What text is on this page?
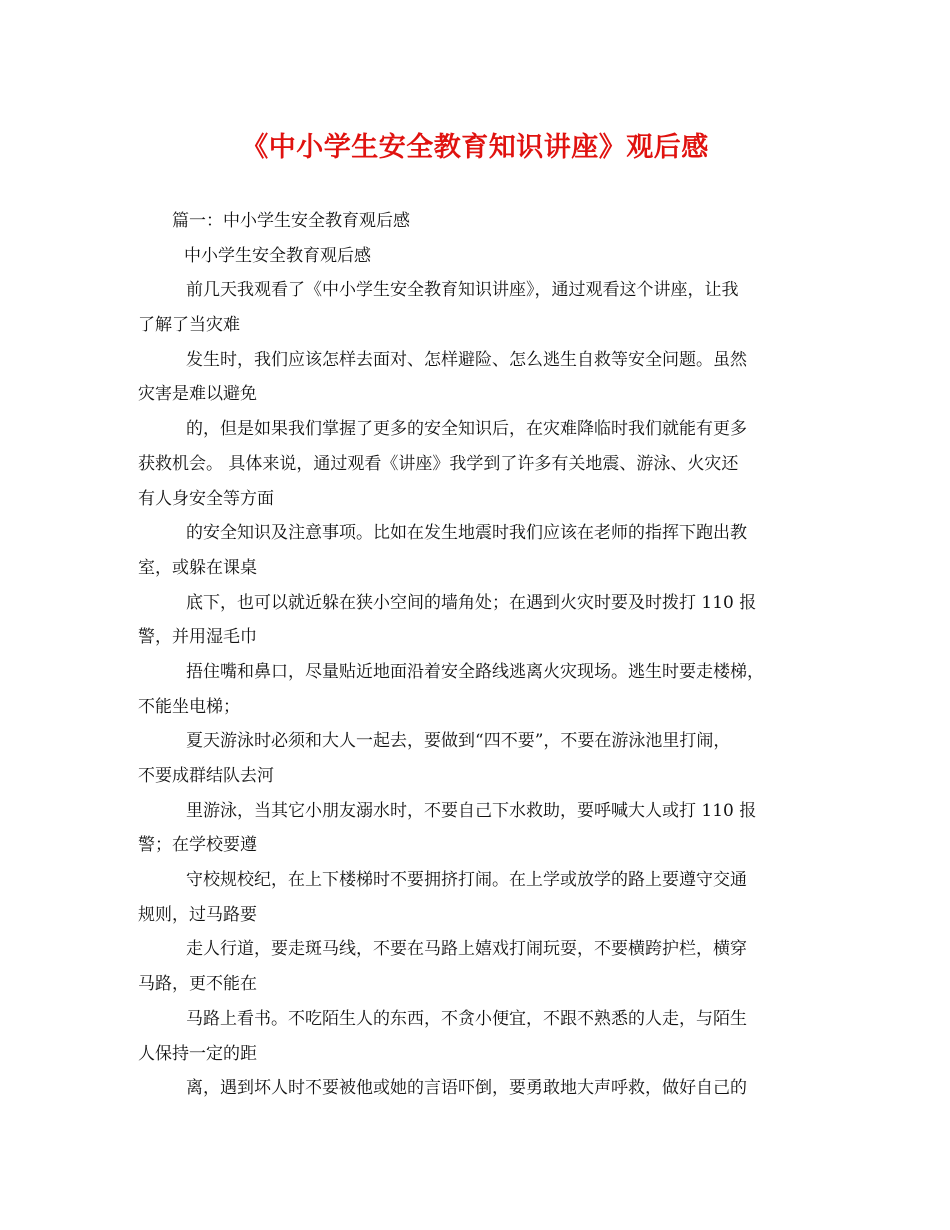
《中小学生安全教育知识讲座》观后感
篇一：中小学生安全教育观后感
中小学生安全教育观后感
前几天我观看了《中小学生安全教育知识讲座》，通过观看这个讲座，让我
了解了当灾难
发生时，我们应该怎样去面对、怎样避险、怎么逃生自救等安全问题。虽然
灾害是难以避免
的，但是如果我们掌握了更多的安全知识后，在灾难降临时我们就能有更多
获救机会。 具体来说，通过观看《讲座》我学到了许多有关地震、游泳、火灾还
有人身安全等方面
的安全知识及注意事项。比如在发生地震时我们应该在老师的指挥下跑出教
室，或躲在课桌
底下，也可以就近躲在狭小空间的墙角处；在遇到火灾时要及时拨打 110 报
警，并用湿毛巾
捂住嘴和鼻口，尽量贴近地面沿着安全路线逃离火灾现场。逃生时要走楼梯，
不能坐电梯；
夏天游泳时必须和大人一起去，要做到“四不要”，不要在游泳池里打闹，
不要成群结队去河
里游泳，当其它小朋友溺水时，不要自己下水救助，要呼喊大人或打 110 报
警；在学校要遵
守校规校纪，在上下楼梯时不要拥挤打闹。在上学或放学的路上要遵守交通
规则，过马路要
走人行道，要走斑马线，不要在马路上嬉戏打闹玩耍，不要横跨护栏，横穿
马路，更不能在
马路上看书。不吃陌生人的东西，不贪小便宜，不跟不熟悉的人走，与陌生
人保持一定的距
离，遇到坏人时不要被他或她的言语吓倒，要勇敢地大声呼救，做好自己的
